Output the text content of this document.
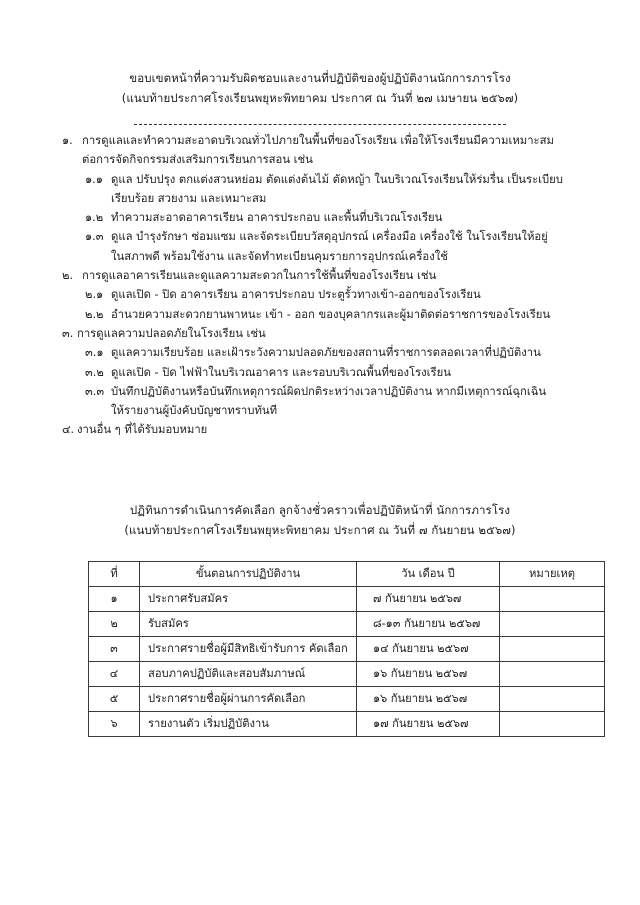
ขอบเขตหน้าที่ความรับผิดชอบและงานที่ปฏิบัติของผู้ปฏิบัติงานนักการภารโรง
(แนบท้ายประกาศโรงเรียนพยุหะพิทยาคม ประกาศ ณ วันที่ ๒๗ เมษายน ๒๕๖๗)
๑. การดูแลและทำความสะอาดบริเวณทั่วไปภายในพื้นที่ของโรงเรียน เพื่อให้โรงเรียนมีความเหมาะสม
ต่อการจัดกิจกรรมส่งเสริมการเรียนการสอน เช่น
๑.๑ ดูแล ปรับปรุง ตกแต่งสวนหย่อม ตัดแต่งต้นไม้ ตัดหญ้า ในบริเวณโรงเรียนให้ร่มรื่น เป็นระเบียบ
เรียบร้อย สวยงาม และเหมาะสม
๑.๒ ทำความสะอาดอาคารเรียน อาคารประกอบ และพื้นที่บริเวณโรงเรียน
๑.๓ ดูแล บำรุงรักษา ซ่อมแซม และจัดระเบียบวัสดุอุปกรณ์ เครื่องมือ เครื่องใช้ ในโรงเรียนให้อยู่
ในสภาพดี พร้อมใช้งาน และจัดทำทะเบียนคุมรายการอุปกรณ์เครื่องใช้
๒. การดูแลอาคารเรียนและดูแลความสะดวกในการใช้พื้นที่ของโรงเรียน เช่น
๒.๑ ดูแลเปิด - ปิด อาคารเรียน อาคารประกอบ ประตูรั้วทางเข้า-ออกของโรงเรียน
๒.๒ อำนวยความสะดวกยานพาหนะ เข้า - ออก ของบุคลากรและผู้มาติดต่อราชการของโรงเรียน
๓. การดูแลความปลอดภัยในโรงเรียน เช่น
๓.๑ ดูแลความเรียบร้อย และเฝ้าระวังความปลอดภัยของสถานที่ราชการตลอดเวลาที่ปฏิบัติงาน
๓.๒ ดูแลเปิด - ปิด ไฟฟ้าในบริเวณอาคาร และรอบบริเวณพื้นที่ของโรงเรียน
๓.๓ บันทึกปฏิบัติงานหรือบันทึกเหตุการณ์ผิดปกติระหว่างเวลาปฏิบัติงาน หากมีเหตุการณ์ฉุกเฉิน
ให้รายงานผู้บังคับบัญชาทราบทันที
๔. งานอื่น ๆ ที่ได้รับมอบหมาย
ปฏิทินการดำเนินการคัดเลือก ลูกจ้างชั่วคราวเพื่อปฏิบัติหน้าที่ นักการภารโรง
(แนบท้ายประกาศโรงเรียนพยุหะพิทยาคม ประกาศ ณ วันที่ ๗ กันยายน ๒๕๖๗)
ที่	ขั้นตอนการปฏิบัติงาน	วัน เดือน ปี	หมายเหตุ
๑	ประกาศรับสมัคร	๗ กันยายน ๒๕๖๗	
๒	รับสมัคร	๘-๑๓ กันยายน ๒๕๖๗	
๓	ประกาศรายชื่อผู้มีสิทธิเข้ารับการ คัดเลือก	๑๔ กันยายน ๒๕๖๗	
๔	สอบภาคปฏิบัติและสอบสัมภาษณ์	๑๖ กันยายน ๒๕๖๗	
๕	ประกาศรายชื่อผู้ผ่านการคัดเลือก	๑๖ กันยายน ๒๕๖๗	
๖	รายงานตัว เริ่มปฏิบัติงาน	๑๗ กันยายน ๒๕๖๗	
